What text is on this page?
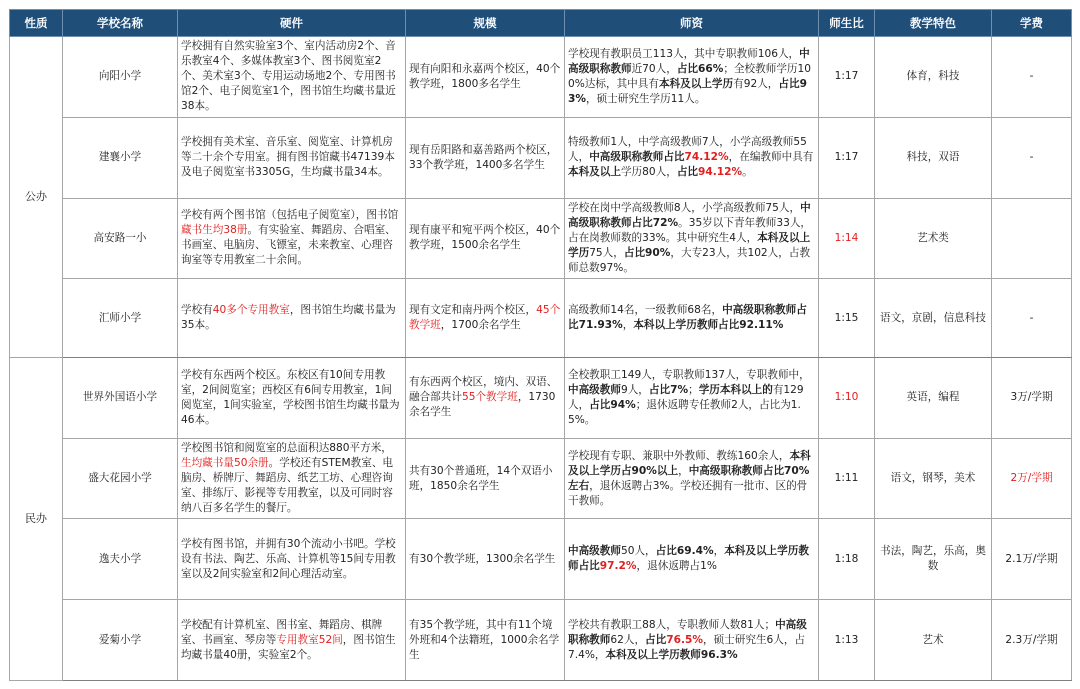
性质	学校名称	硬件	规模	师资	师生比	教学特色	学费
公办	向阳小学	学校拥有自然实验室3个、室内活动房2个、音乐教室4个、多媒体教室3个、图书阅览室2个、美术室3个、专用运动场地2个、专用图书馆2个、电子阅览室1个，图书馆生均藏书量近38本。	现有向阳和永嘉两个校区，40个教学班，1800多名学生	学校现有教职员工113人，其中专职教师106人，中高级职称教师近70人，占比66%；全校教师学历100%达标，其中具有本科及以上学历有92人，占比93%，硕士研究生学历11人。	1:17	体育，科技	-
	建襄小学	学校拥有美术室、音乐室、阅览室、计算机房等二十余个专用室。拥有图书馆藏书47139本及电子阅览室书3305G，生均藏书量34本。	现有岳阳路和嘉善路两个校区，33个教学班，1400多名学生	特级教师1人，中学高级教师7人，小学高级教师55人，中高级职称教师占比74.12%，在编教师中具有本科及以上学历80人，占比94.12%。	1:17	科技，双语	-
	高安路一小	学校有两个图书馆（包括电子阅览室），图书馆藏书生均38册。有实验室、舞蹈房、合唱室、书画室、电脑房、飞镖室，未来教室、心理咨询室等专用教室二十余间。	现有康平和宛平两个校区，40个教学班，1500余名学生	学校在岗中学高级教师8人，小学高级教师75人，中高级职称教师占比72%。35岁以下青年教师33人，占在岗教师数的33%。其中研究生4人，本科及以上学历75人，占比90%，大专23人，共102人，占教师总数97%。	1:14	艺术类	
	汇师小学	学校有40多个专用教室，图书馆生均藏书量为35本。	现有文定和南丹两个校区，45个教学班，1700余名学生	高级教师14名，一级教师68名，中高级职称教师占比71.93%，本科以上学历教师占比92.11%	1:15	语文，京剧，信息科技	-
民办	世界外国语小学	学校有东西两个校区。东校区有10间专用教室，2间阅览室；西校区有6间专用教室，1间阅览室，1间实验室，学校图书馆生均藏书量为46本。	有东西两个校区，境内、双语、融合部共计55个教学班，1730余名学生	全校教职工149人，专职教师137人，专职教师中，中高级教师9人，占比7%；学历本科以上的有129人，占比94%；退休返聘专任教师2人，占比为1.5%。	1:10	英语，编程	3万/学期
	盛大花园小学	学校图书馆和阅览室的总面积达880平方米，生均藏书量50余册。学校还有STEM教室、电脑房、桥牌厅、舞蹈房、纸艺工坊、心理咨询室、排练厅、影视等专用教室，以及可同时容纳八百多名学生的餐厅。	共有30个普通班，14个双语小班，1850余名学生	学校现有专职、兼职中外教师、教练160余人，本科及以上学历占90%以上，中高级职称教师占比70%左右，退休返聘占3%。学校还拥有一批市、区的骨干教师。	1:11	语文，钢琴，美术	2万/学期
	逸夫小学	学校有图书馆，并拥有30个流动小书吧。学校设有书法、陶艺、乐高、计算机等15间专用教室以及2间实验室和2间心理活动室。	有30个教学班，1300余名学生	中高级教师50人，占比69.4%，本科及以上学历教师占比97.2%，退休返聘占1%	1:18	书法，陶艺，乐高，奥数	2.1万/学期
	爱菊小学	学校配有计算机室、图书室、舞蹈房、棋牌室、书画室、琴房等专用教室52间，图书馆生均藏书量40册，实验室2个。	有35个教学班，其中有11个境外班和4个法籍班，1000余名学生	学校共有教职工88人，专职教师人数81人；中高级职称教师62人，占比76.5%，硕士研究生6人，占7.4%，本科及以上学历教师96.3%	1:13	艺术	2.3万/学期
